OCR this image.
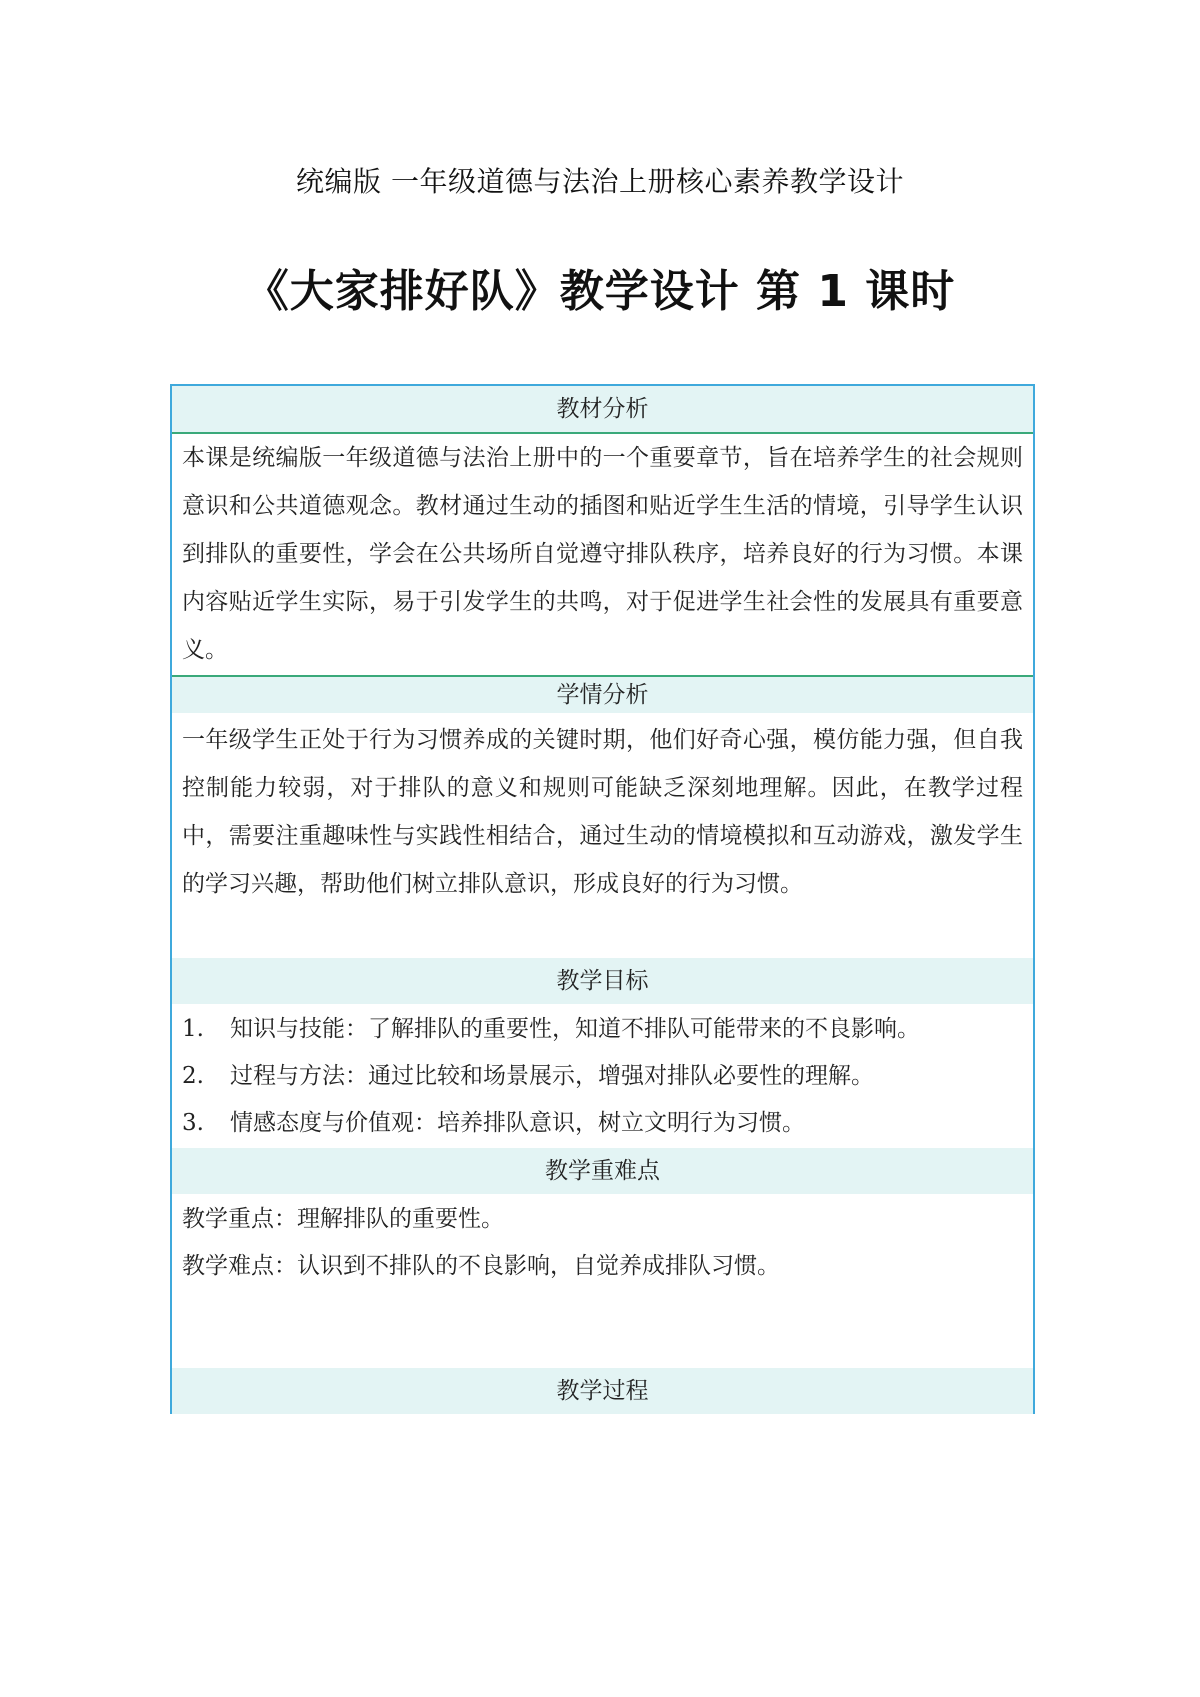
统编版 一年级道德与法治上册核心素养教学设计
《大家排好队》教学设计 第 1 课时
教材分析
本课是统编版一年级道德与法治上册中的一个重要章节，旨在培养学生的社会规则意识和公共道德观念。教材通过生动的插图和贴近学生生活的情境，引导学生认识到排队的重要性，学会在公共场所自觉遵守排队秩序，培养良好的行为习惯。本课内容贴近学生实际，易于引发学生的共鸣，对于促进学生社会性的发展具有重要意义。
学情分析
一年级学生正处于行为习惯养成的关键时期，他们好奇心强，模仿能力强，但自我控制能力较弱，对于排队的意义和规则可能缺乏深刻地理解。因此，在教学过程中，需要注重趣味性与实践性相结合，通过生动的情境模拟和互动游戏，激发学生的学习兴趣，帮助他们树立排队意识，形成良好的行为习惯。
教学目标
1. 知识与技能：了解排队的重要性，知道不排队可能带来的不良影响。
2. 过程与方法：通过比较和场景展示，增强对排队必要性的理解。
3. 情感态度与价值观：培养排队意识，树立文明行为习惯。
教学重难点
教学重点：理解排队的重要性。
教学难点：认识到不排队的不良影响，自觉养成排队习惯。
教学过程
